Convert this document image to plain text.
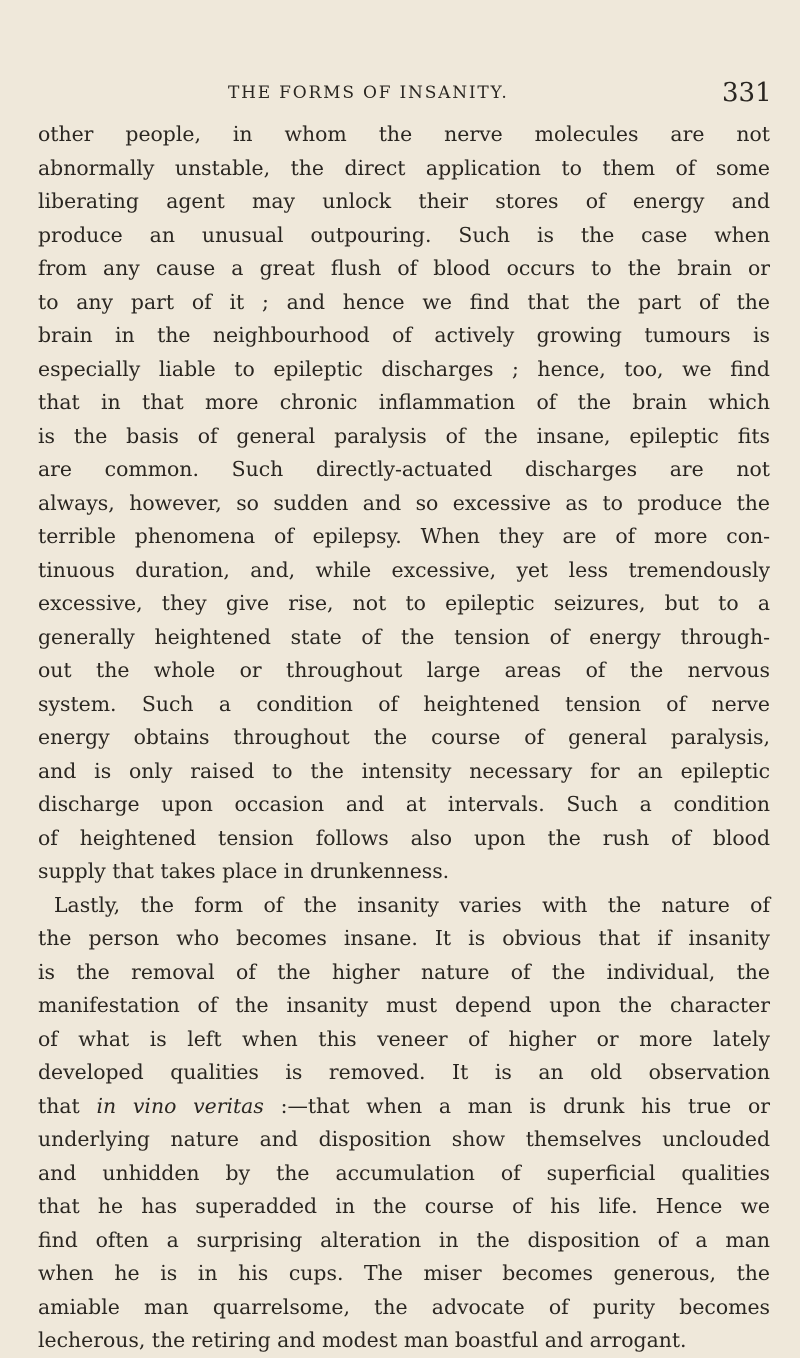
THE FORMS OF INSANITY.	331
other people, in whom the nerve molecules are not
abnormally unstable, the direct application to them of some
liberating agent may unlock their stores of energy and
produce an unusual outpouring. Such is the case when
from any cause a great flush of blood occurs to the brain or
to any part of it ; and hence we find that the part of the
brain in the neighbourhood of actively growing tumours is
especially liable to epileptic discharges ; hence, too, we find
that in that more chronic inflammation of the brain which
is the basis of general paralysis of the insane, epileptic fits
are common. Such directly-actuated discharges are not
always, however, so sudden and so excessive as to produce the
terrible phenomena of epilepsy. When they are of more con-
tinuous duration, and, while excessive, yet less tremendously
excessive, they give rise, not to epileptic seizures, but to a
generally heightened state of the tension of energy through-
out the whole or throughout large areas of the nervous
system. Such a condition of heightened tension of nerve
energy obtains throughout the course of general paralysis,
and is only raised to the intensity necessary for an epileptic
discharge upon occasion and at intervals. Such a condition
of heightened tension follows also upon the rush of blood
supply that takes place in drunkenness.
Lastly, the form of the insanity varies with the nature of
the person who becomes insane. It is obvious that if insanity
is the removal of the higher nature of the individual, the
manifestation of the insanity must depend upon the character
of what is left when this veneer of higher or more lately
developed qualities is removed. It is an old observation
that in vino veritas :—that when a man is drunk his true or
underlying nature and disposition show themselves unclouded
and unhidden by the accumulation of superficial qualities
that he has superadded in the course of his life. Hence we
find often a surprising alteration in the disposition of a man
when he is in his cups. The miser becomes generous, the
amiable man quarrelsome, the advocate of purity becomes
lecherous, the retiring and modest man boastful and arrogant.
